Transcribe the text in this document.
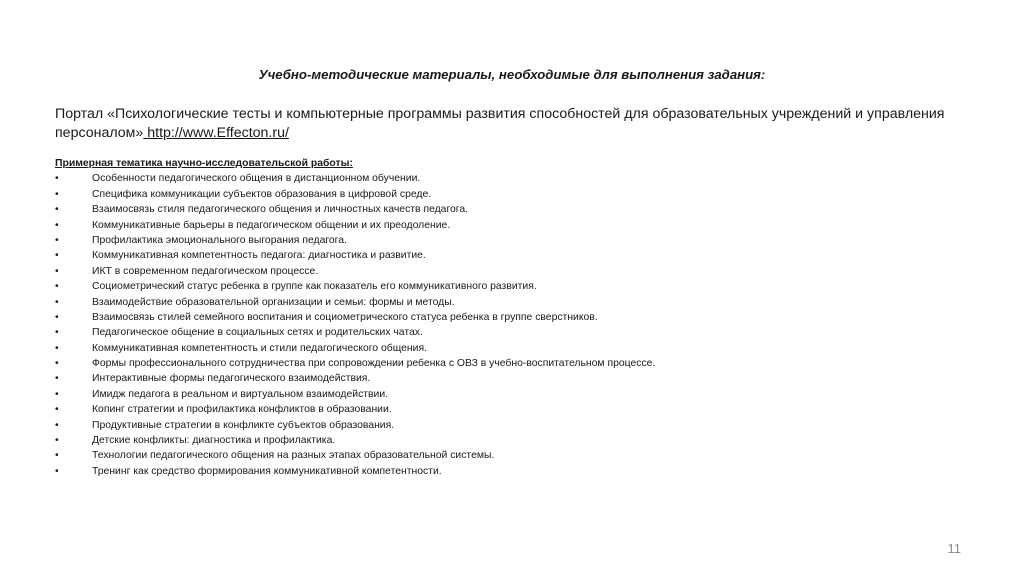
Учебно-методические материалы, необходимые для выполнения задания:
Портал «Психологические тесты и компьютерные программы развития способностей для образовательных учреждений и управления персоналом» http://www.Effecton.ru/
Примерная тематика научно-исследовательской работы:
•	Особенности педагогического общения в дистанционном обучении.
•	Специфика коммуникации субъектов образования в цифровой среде.
•	Взаимосвязь стиля педагогического общения и личностных качеств педагога.
•	Коммуникативные барьеры в педагогическом общении и их преодоление.
•	Профилактика эмоционального выгорания педагога.
•	Коммуникативная компетентность педагога: диагностика и развитие.
•	ИКТ в современном педагогическом процессе.
•	Социометрический статус ребенка в группе как показатель его коммуникативного развития.
•	Взаимодействие образовательной организации и семьи: формы и методы.
•	Взаимосвязь стилей семейного воспитания и социометрического статуса ребенка в группе сверстников.
•	Педагогическое общение в социальных сетях и родительских чатах.
•	Коммуникативная компетентность и стили педагогического общения.
•	Формы профессионального сотрудничества при сопровождении ребенка с ОВЗ в учебно-воспитательном процессе.
•	Интерактивные формы педагогического взаимодействия.
•	Имидж педагога в реальном и виртуальном взаимодействии.
•	Копинг стратегии и профилактика конфликтов в образовании.
•	Продуктивные стратегии в конфликте субъектов образования.
•	Детские конфликты: диагностика и профилактика.
•	Технологии педагогического общения на разных этапах образовательной системы.
•	Тренинг как средство формирования коммуникативной компетентности.
11
